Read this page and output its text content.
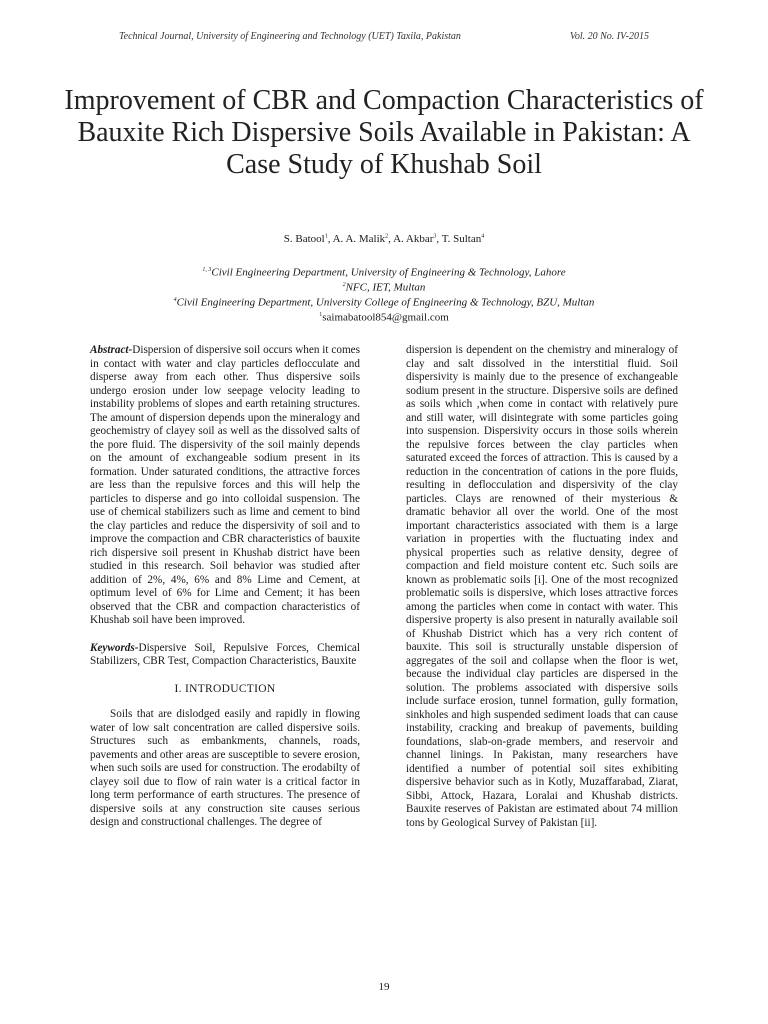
Technical Journal, University of Engineering and Technology (UET) Taxila, Pakistan	Vol. 20 No. IV-2015
Improvement of CBR and Compaction Characteristics of Bauxite Rich Dispersive Soils Available in Pakistan: A Case Study of Khushab Soil
S. Batool$^1$, A. A. Malik$^2$, A. Akbar$^3$, T. Sultan$^4$
$^{1, 3}$Civil Engineering Department, University of Engineering & Technology, Lahore
$^2$NFC, IET, Multan
$^4$Civil Engineering Department, University College of Engineering & Technology, BZU, Multan
$^1$saimabatool854@gmail.com

Abstract-Dispersion of dispersive soil occurs when it comes in contact with water and clay particles deflocculate and disperse away from each other. Thus dispersive soils undergo erosion under low seepage velocity leading to instability problems of slopes and earth retaining structures. The amount of dispersion depends upon the mineralogy and geochemistry of clayey soil as well as the dissolved salts of the pore fluid. The dispersivity of the soil mainly depends on the amount of exchangeable sodium present in its formation. Under saturated conditions, the attractive forces are less than the repulsive forces and this will help the particles to disperse and go into colloidal suspension. The use of chemical stabilizers such as lime and cement to bind the clay particles and reduce the dispersivity of soil and to improve the compaction and CBR characteristics of bauxite rich dispersive soil present in Khushab district have been studied in this research. Soil behavior was studied after addition of 2%, 4%, 6% and 8% Lime and Cement, at optimum level of 6% for Lime and Cement; it has been observed that the CBR and compaction characteristics of Khushab soil have been improved.

Keywords-Dispersive Soil, Repulsive Forces, Chemical Stabilizers, CBR Test, Compaction Characteristics, Bauxite

I. INTRODUCTION

Soils that are dislodged easily and rapidly in flowing water of low salt concentration are called dispersive soils. Structures such as embankments, channels, roads, pavements and other areas are susceptible to severe erosion, when such soils are used for construction. The erodabilty of clayey soil due to flow of rain water is a critical factor in long term performance of earth structures. The presence of dispersive soils at any construction site causes serious design and constructional challenges. The degree of

dispersion is dependent on the chemistry and mineralogy of clay and salt dissolved in the interstitial fluid. Soil dispersivity is mainly due to the presence of exchangeable sodium present in the structure. Dispersive soils are defined as soils which ,when come in contact with relatively pure and still water, will disintegrate with some particles going into suspension. Dispersivity occurs in those soils wherein the repulsive forces between the clay particles when saturated exceed the forces of attraction. This is caused by a reduction in the concentration of cations in the pore fluids, resulting in deflocculation and dispersivity of the clay particles. Clays are renowned of their mysterious & dramatic behavior all over the world. One of the most important characteristics associated with them is a large variation in properties with the fluctuating index and physical properties such as relative density, degree of compaction and field moisture content etc. Such soils are known as problematic soils [i]. One of the most recognized problematic soils is dispersive, which loses attractive forces among the particles when come in contact with water. This dispersive property is also present in naturally available soil of Khushab District which has a very rich content of bauxite. This soil is structurally unstable dispersion of aggregates of the soil and collapse when the floor is wet, because the individual clay particles are dispersed in the solution. The problems associated with dispersive soils include surface erosion, tunnel formation, gully formation, sinkholes and high suspended sediment loads that can cause instability, cracking and breakup of pavements, building foundations, slab-on-grade members, and reservoir and channel linings. In Pakistan, many researchers have identified a number of potential soil sites exhibiting dispersive behavior such as in Kotly, Muzaffarabad, Ziarat, Sibbi, Attock, Hazara, Loralai and Khushab districts. Bauxite reserves of Pakistan are estimated about 74 million tons by Geological Survey of Pakistan [ii].

19
